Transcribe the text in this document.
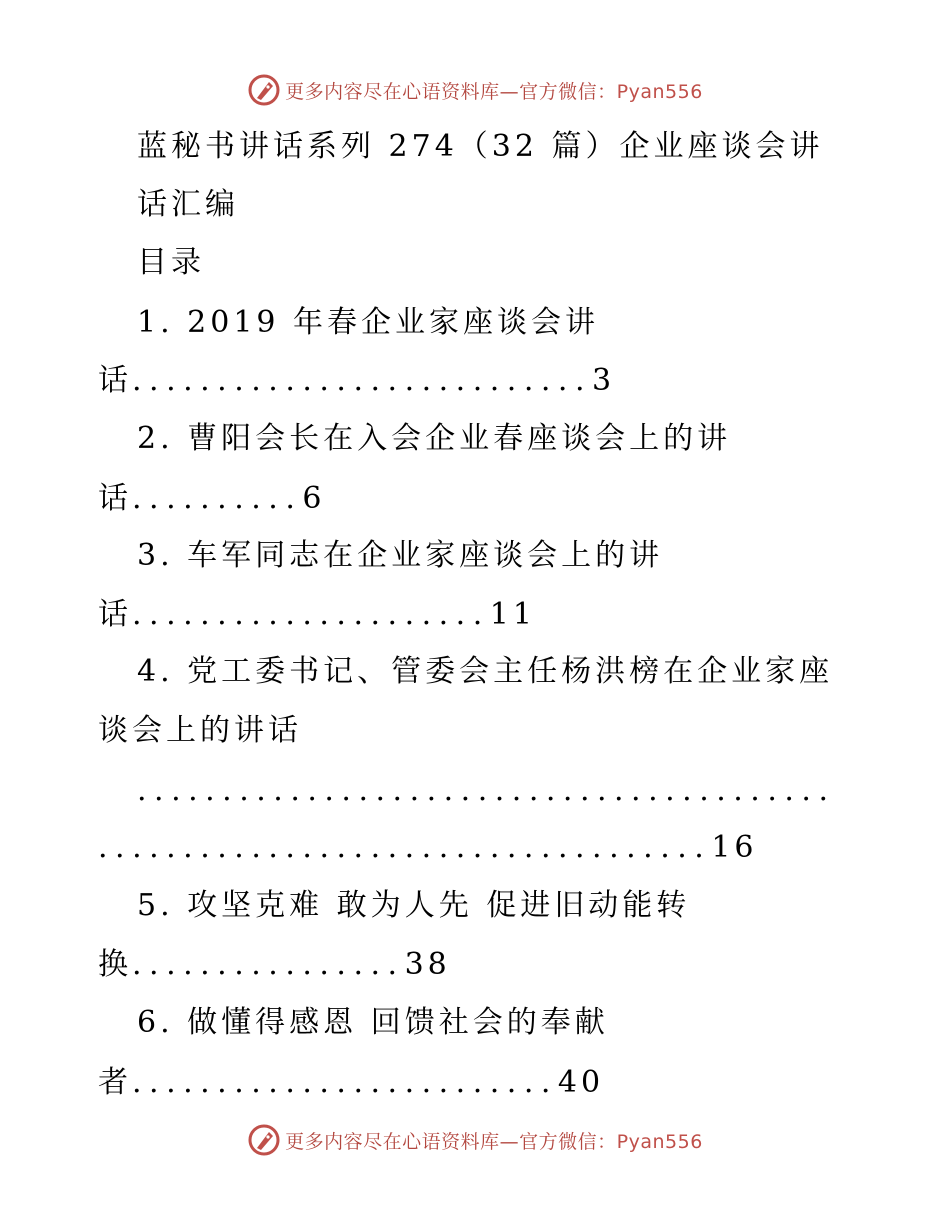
更多内容尽在心语资料库—官方微信：Pyan556
蓝秘书讲话系列 274（32 篇）企业座谈会讲
话汇编
目录
1. 2019 年春企业家座谈会讲
话...........................3
2. 曹阳会长在入会企业春座谈会上的讲
话..........6
3. 车军同志在企业家座谈会上的讲
话.....................11
4. 党工委书记、管委会主任杨洪榜在企业家座
谈会上的讲话
.........................................
....................................16
5. 攻坚克难 敢为人先 促进旧动能转
换................38
6. 做懂得感恩 回馈社会的奉献
者.........................40
更多内容尽在心语资料库—官方微信：Pyan556
